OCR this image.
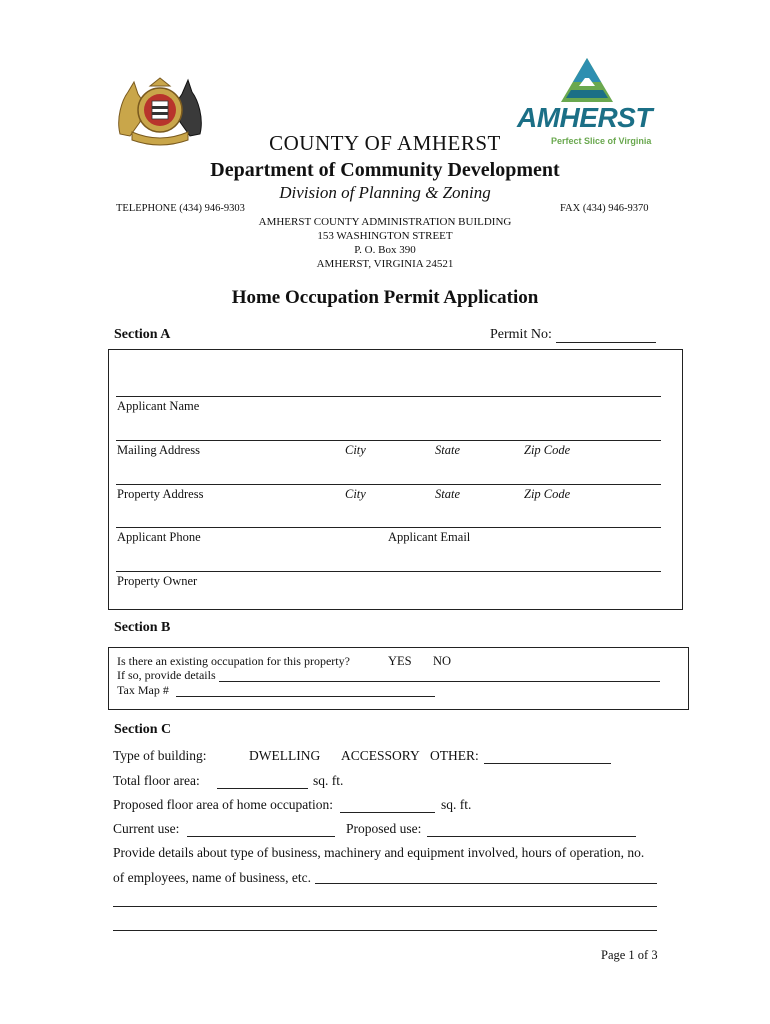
AMHERST
Perfect Slice of Virginia
COUNTY OF AMHERST
Department of Community Development
Division of Planning & Zoning
TELEPHONE (434) 946-9303	FAX (434) 946-9370
AMHERST COUNTY ADMINISTRATION BUILDING
153 WASHINGTON STREET
P. O. Box 390
AMHERST, VIRGINIA 24521
Home Occupation Permit Application
Section A	Permit No:
Applicant Name
Mailing Address	City	State	Zip Code
Property Address	City	State	Zip Code
Applicant Phone	Applicant Email
Property Owner
Section B
Is there an existing occupation for this property?	YES NO
If so, provide details
Tax Map #
Section C
Type of building:	DWELLING ACCESSORY OTHER:
Total floor area:	sq. ft.
Proposed floor area of home occupation:	sq. ft.
Current use:	Proposed use:
Provide details about type of business, machinery and equipment involved, hours of operation, no.
of employees, name of business, etc.
Page 1 of 3
